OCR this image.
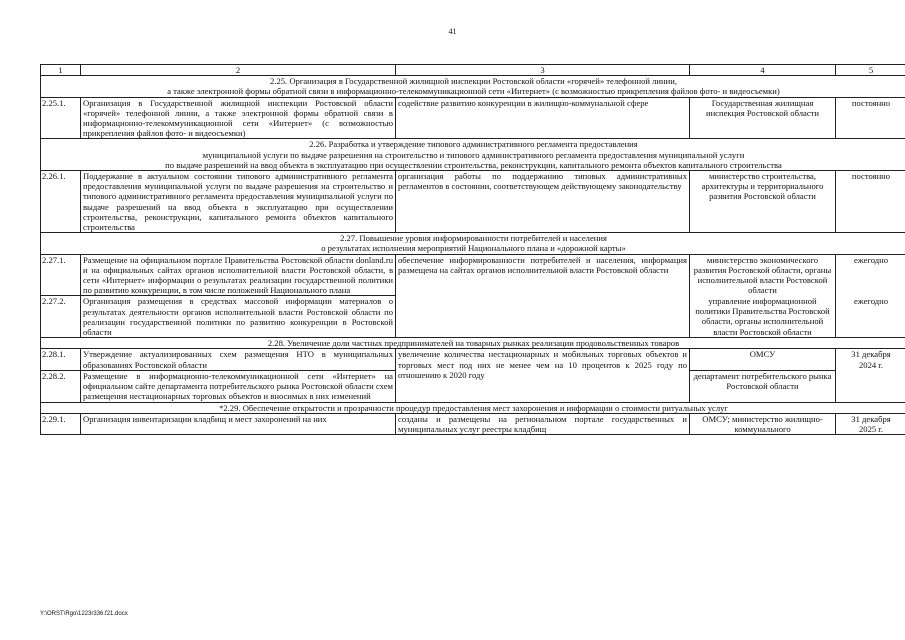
41
1	2	3	4	5
2.25. Организация в Государственной жилищной инспекции Ростовской области «горячей» телефонной линии,
а также электронной формы обратной связи в информационно-телекоммуникационной сети «Интернет» (с возможностью прикрепления файлов фото- и видеосъемки)				
2.25.1.	Организация в Государственной жилищной инспекции Ростовской области «горячей» телефонной линии, а также электронной формы обратной связи в информационно-телекоммуникационной сети «Интернет» (с возможностью прикрепления файлов фото- и видеосъемки)	содействие развитию конкуренции в жилищно-коммунальной сфере	Государственная жилищная инспекция Ростовской области	постоянно
2.26. Разработка и утверждение типового административного регламента предоставления
муниципальной услуги по выдаче разрешения на строительство и типового административного регламента предоставления муниципальной услуги
по выдаче разрешений на ввод объекта в эксплуатацию при осуществлении строительства, реконструкции, капитального ремонта объектов капитального строительства				
2.26.1.	Поддержание в актуальном состоянии типового административного регламента предоставления муниципальной услуги по выдаче разрешения на строительство и типового административного регламента предоставления муниципальной услуги по выдаче разрешений на ввод объекта в эксплуатацию при осуществлении строительства, реконструкции, капитального ремонта объектов капитального строительства	организация работы по поддержанию типовых административных регламентов в состоянии, соответствующем действующему законодательству	министерство строительства, архитектуры и территориального развития Ростовской области	постоянно
2.27. Повышение уровня информированности потребителей и населения
о результатах исполнения мероприятий Национального плана и «дорожной карты»				
2.27.1.	Размещение на официальном портале Правительства Ростовской области donland.ru и на официальных сайтах органов исполнительной власти Ростовской области, в сети «Интернет» информации о результатах реализации государственной политики по развитию конкуренции, в том числе положений Национального плана	обеспечение информированности потребителей и населения, информация размещена на сайтах органов исполнительной власти Ростовской области	министерство экономического развития Ростовской области, органы исполнительной власти Ростовской области	ежегодно
2.27.2.	Организация размещения в средствах массовой информации материалов о результатах деятельности органов исполнительной власти Ростовской области по реализации государственной политики по развитию конкуренции в Ростовской области		управление информационной политики Правительства Ростовской области, органы исполнительной власти Ростовской области	ежегодно
2.28. Увеличение доли частных предпринимателей на товарных рынках реализации продовольственных товаров				
2.28.1.	Утверждение актуализированных схем размещения НТО в муниципальных образованиях Ростовской области	увеличение количества нестационарных и мобильных торговых объектов и торговых мест под них не менее чем на 10 процентов к 2025 году по отношению к 2020 году	ОМСУ	31 декабря
2024 г.
2.28.2.	Размещение в информационно-телекоммуникационной сети «Интернет» на официальном сайте департамента потребительского рынка Ростовской области схем размещения нестационарных торговых объектов и вносимых в них изменений		департамент потребительского рынка Ростовской области	
*2.29. Обеспечение открытости и прозрачности процедур предоставления мест захоронения и информации о стоимости ритуальных услуг				
2.29.1.	Организация инвентаризации кладбищ и мест захоронений на них	созданы и размещены на региональном портале государственных и муниципальных услуг реестры кладбищ	ОМСУ; министерство жилищно-коммунального	31 декабря
2025 г.
Y:\ORST\Rgo\1223r336.f21.docx
